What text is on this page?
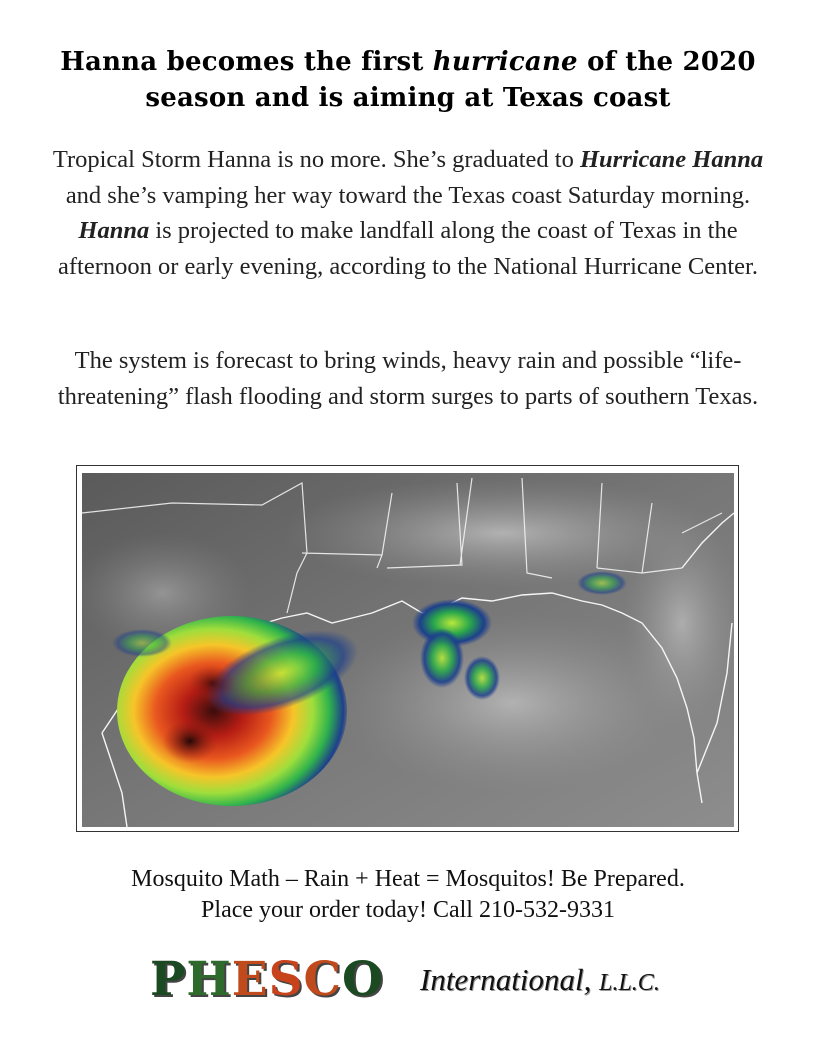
Hanna becomes the first hurricane of the 2020 season and is aiming at Texas coast

Tropical Storm Hanna is no more. She’s graduated to Hurricane Hanna and she’s vamping her way toward the Texas coast Saturday morning. Hanna is projected to make landfall along the coast of Texas in the afternoon or early evening, according to the National Hurricane Center.

The system is forecast to bring winds, heavy rain and possible “life-threatening” flash flooding and storm surges to parts of southern Texas.

Mosquito Math – Rain + Heat = Mosquitos! Be Prepared.
Place your order today! Call 210-532-9331

PHESCO International, L.L.C.
